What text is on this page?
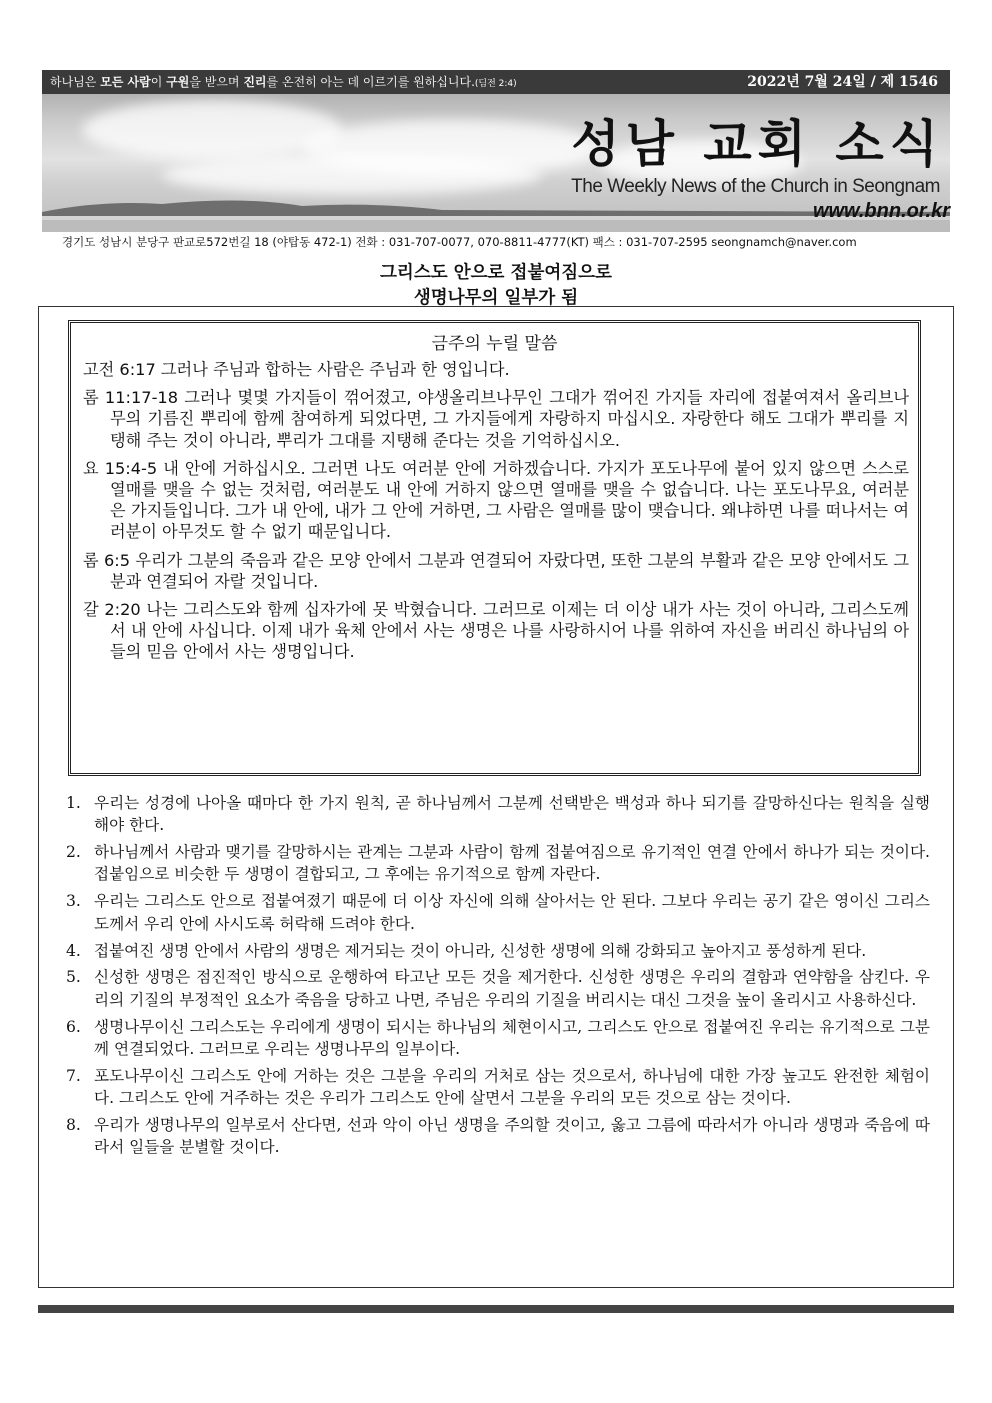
하나님은 모든 사람이 구원을 받으며 진리를 온전히 아는 데 이르기를 원하십니다.(딤전 2:4)	2022년 7월 24일 / 제 1546
성남 교회 소식
The Weekly News of the Church in Seongnam
www.bnn.or.kr
경기도 성남시 분당구 판교로572번길 18 (야탑동 472-1) 전화 : 031-707-0077, 070-8811-4777(KT) 팩스 : 031-707-2595 seongnamch@naver.com
그리스도 안으로 접붙여짐으로
생명나무의 일부가 됨
금주의 누릴 말씀

고전 6:17 그러나 주님과 합하는 사람은 주님과 한 영입니다.

롬 11:17-18 그러나 몇몇 가지들이 꺾어졌고, 야생올리브나무인 그대가 꺾어진 가지들 자리에 접붙여져서 올리브나무의 기름진 뿌리에 함께 참여하게 되었다면, 그 가지들에게 자랑하지 마십시오. 자랑한다 해도 그대가 뿌리를 지탱해 주는 것이 아니라, 뿌리가 그대를 지탱해 준다는 것을 기억하십시오.

요 15:4-5 내 안에 거하십시오. 그러면 나도 여러분 안에 거하겠습니다. 가지가 포도나무에 붙어 있지 않으면 스스로 열매를 맺을 수 없는 것처럼, 여러분도 내 안에 거하지 않으면 열매를 맺을 수 없습니다. 나는 포도나무요, 여러분은 가지들입니다. 그가 내 안에, 내가 그 안에 거하면, 그 사람은 열매를 많이 맺습니다. 왜냐하면 나를 떠나서는 여러분이 아무것도 할 수 없기 때문입니다.

롬 6:5 우리가 그분의 죽음과 같은 모양 안에서 그분과 연결되어 자랐다면, 또한 그분의 부활과 같은 모양 안에서도 그분과 연결되어 자랄 것입니다.

갈 2:20 나는 그리스도와 함께 십자가에 못 박혔습니다. 그러므로 이제는 더 이상 내가 사는 것이 아니라, 그리스도께서 내 안에 사십니다. 이제 내가 육체 안에서 사는 생명은 나를 사랑하시어 나를 위하여 자신을 버리신 하나님의 아들의 믿음 안에서 사는 생명입니다.

1. 우리는 성경에 나아올 때마다 한 가지 원칙, 곧 하나님께서 그분께 선택받은 백성과 하나 되기를 갈망하신다는 원칙을 실행해야 한다.
2. 하나님께서 사람과 맺기를 갈망하시는 관계는 그분과 사람이 함께 접붙여짐으로 유기적인 연결 안에서 하나가 되는 것이다. 접붙임으로 비슷한 두 생명이 결합되고, 그 후에는 유기적으로 함께 자란다.
3. 우리는 그리스도 안으로 접붙여졌기 때문에 더 이상 자신에 의해 살아서는 안 된다. 그보다 우리는 공기 같은 영이신 그리스도께서 우리 안에 사시도록 허락해 드려야 한다.
4. 접붙여진 생명 안에서 사람의 생명은 제거되는 것이 아니라, 신성한 생명에 의해 강화되고 높아지고 풍성하게 된다.
5. 신성한 생명은 점진적인 방식으로 운행하여 타고난 모든 것을 제거한다. 신성한 생명은 우리의 결함과 연약함을 삼킨다. 우리의 기질의 부정적인 요소가 죽음을 당하고 나면, 주님은 우리의 기질을 버리시는 대신 그것을 높이 올리시고 사용하신다.
6. 생명나무이신 그리스도는 우리에게 생명이 되시는 하나님의 체현이시고, 그리스도 안으로 접붙여진 우리는 유기적으로 그분께 연결되었다. 그러므로 우리는 생명나무의 일부이다.
7. 포도나무이신 그리스도 안에 거하는 것은 그분을 우리의 거처로 삼는 것으로서, 하나님에 대한 가장 높고도 완전한 체험이다. 그리스도 안에 거주하는 것은 우리가 그리스도 안에 살면서 그분을 우리의 모든 것으로 삼는 것이다.
8. 우리가 생명나무의 일부로서 산다면, 선과 악이 아닌 생명을 주의할 것이고, 옳고 그름에 따라서가 아니라 생명과 죽음에 따라서 일들을 분별할 것이다.
